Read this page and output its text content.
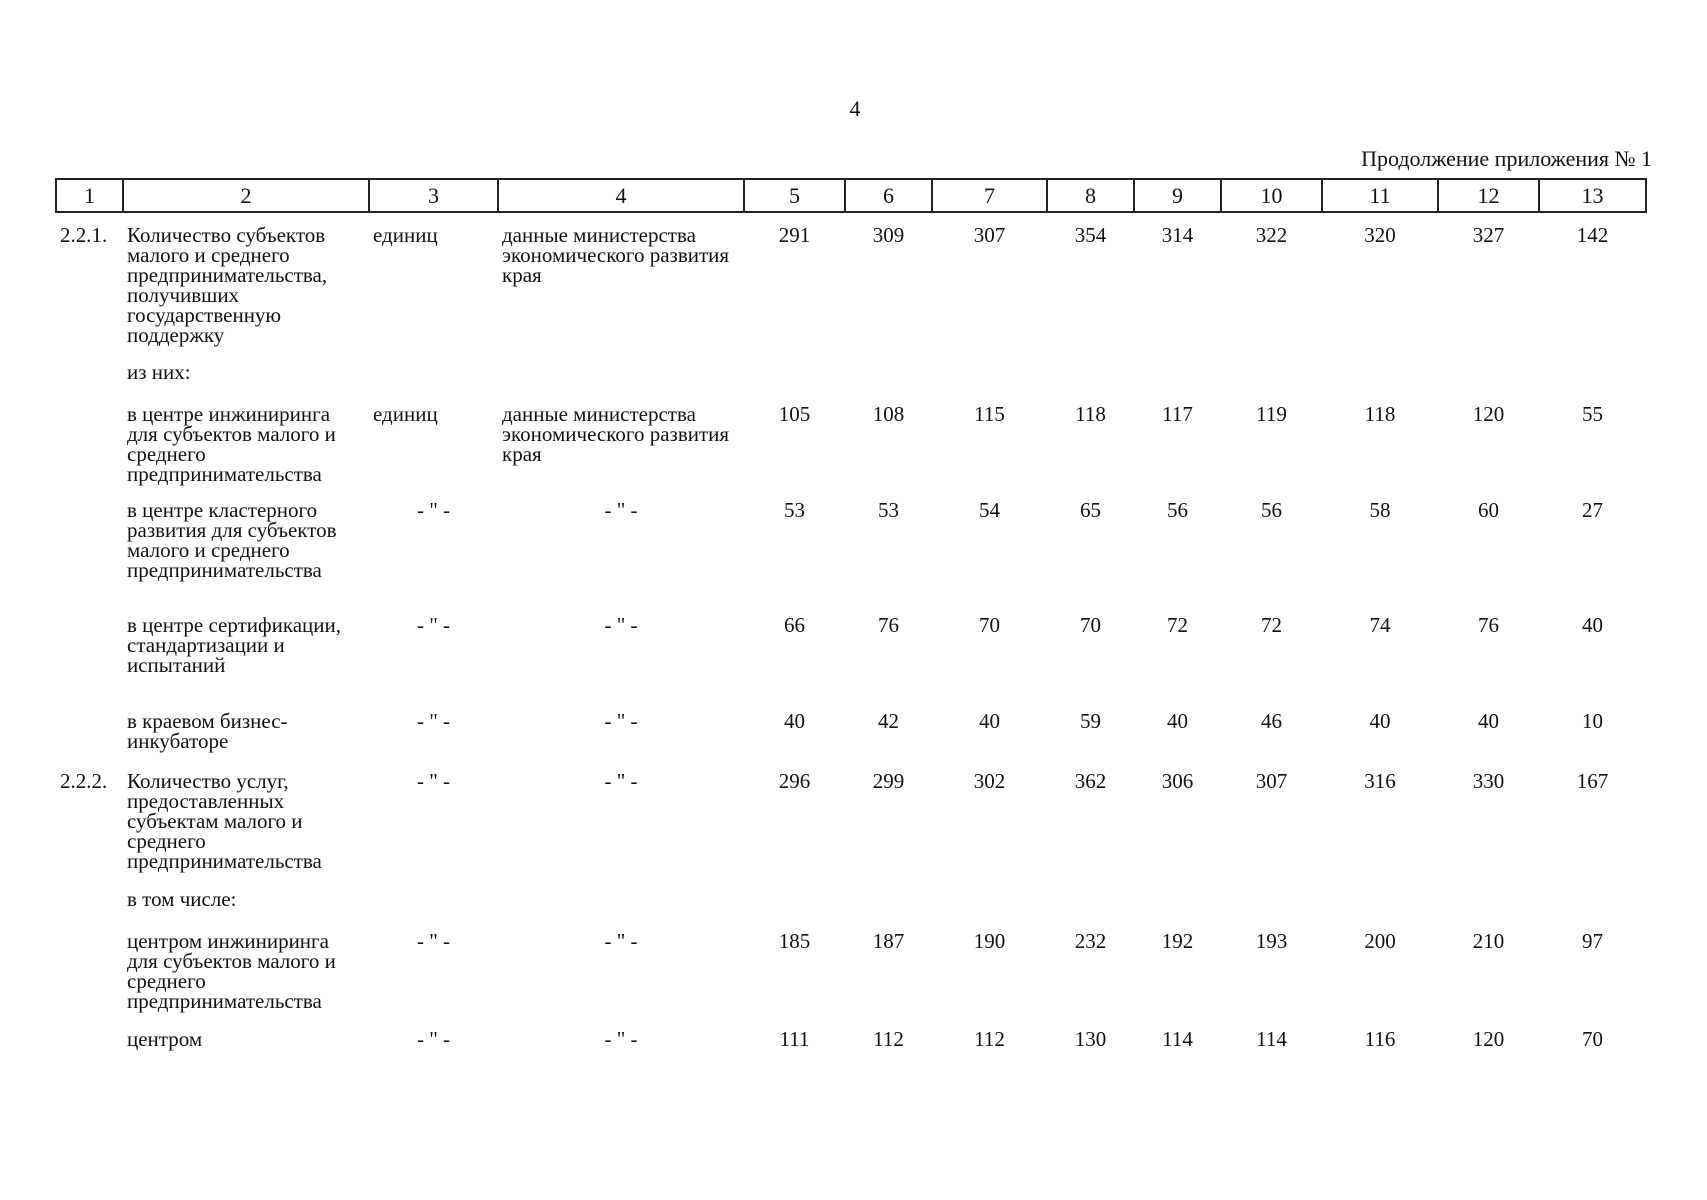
4
Продолжение приложения № 1
1	2	3	4	5	6	7	8	9	10	11	12	13
2.2.1.	Количество субъектов малого и среднего предпринимательства, получивших государственную поддержку	единиц	данные министерства экономического развития края	291	309	307	354	314	322	320	327	142
	из них:											
	в центре инжиниринга для субъектов малого и среднего предпринимательства	единиц	данные министерства экономического развития края	105	108	115	118	117	119	118	120	55
	в центре кластерного развития для субъектов малого и среднего предпринимательства	- " -	- " -	53	53	54	65	56	56	58	60	27
	в центре сертификации, стандартизации и испытаний	- " -	- " -	66	76	70	70	72	72	74	76	40
	в краевом бизнес-инкубаторе	- " -	- " -	40	42	40	59	40	46	40	40	10
2.2.2.	Количество услуг, предоставленных субъектам малого и среднего предпринимательства	- " -	- " -	296	299	302	362	306	307	316	330	167
	в том числе:											
	центром инжиниринга для субъектов малого и среднего предпринимательства	- " -	- " -	185	187	190	232	192	193	200	210	97
	центром	- " -	- " -	111	112	112	130	114	114	116	120	70
